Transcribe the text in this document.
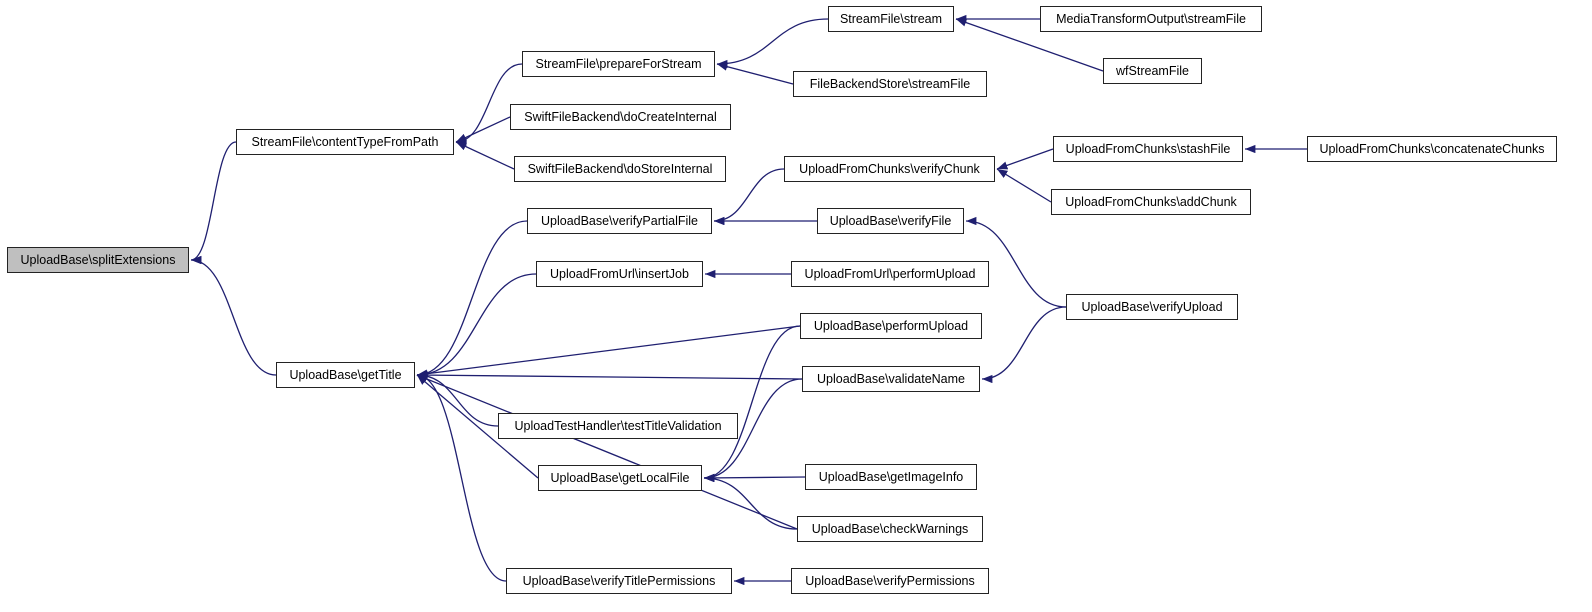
UploadBase\splitExtensions
StreamFile\contentTypeFromPath
StreamFile\prepareForStream
StreamFile\stream	MediaTransformOutput\streamFile
wfStreamFile
FileBackendStore\streamFile
SwiftFileBackend\doCreateInternal
SwiftFileBackend\doStoreInternal
UploadBase\verifyPartialFile
UploadFromChunks\verifyChunk
UploadFromChunks\stashFile
UploadFromChunks\addChunk
UploadFromChunks\concatenateChunks
UploadBase\verifyFile
UploadBase\verifyUpload
UploadFromUrl\insertJob	UploadFromUrl\performUpload
UploadBase\getTitle
UploadBase\performUpload
UploadBase\validateName
UploadTestHandler\testTitleValidation
UploadBase\getLocalFile	UploadBase\getImageInfo
UploadBase\checkWarnings
UploadBase\verifyTitlePermissions	UploadBase\verifyPermissions
